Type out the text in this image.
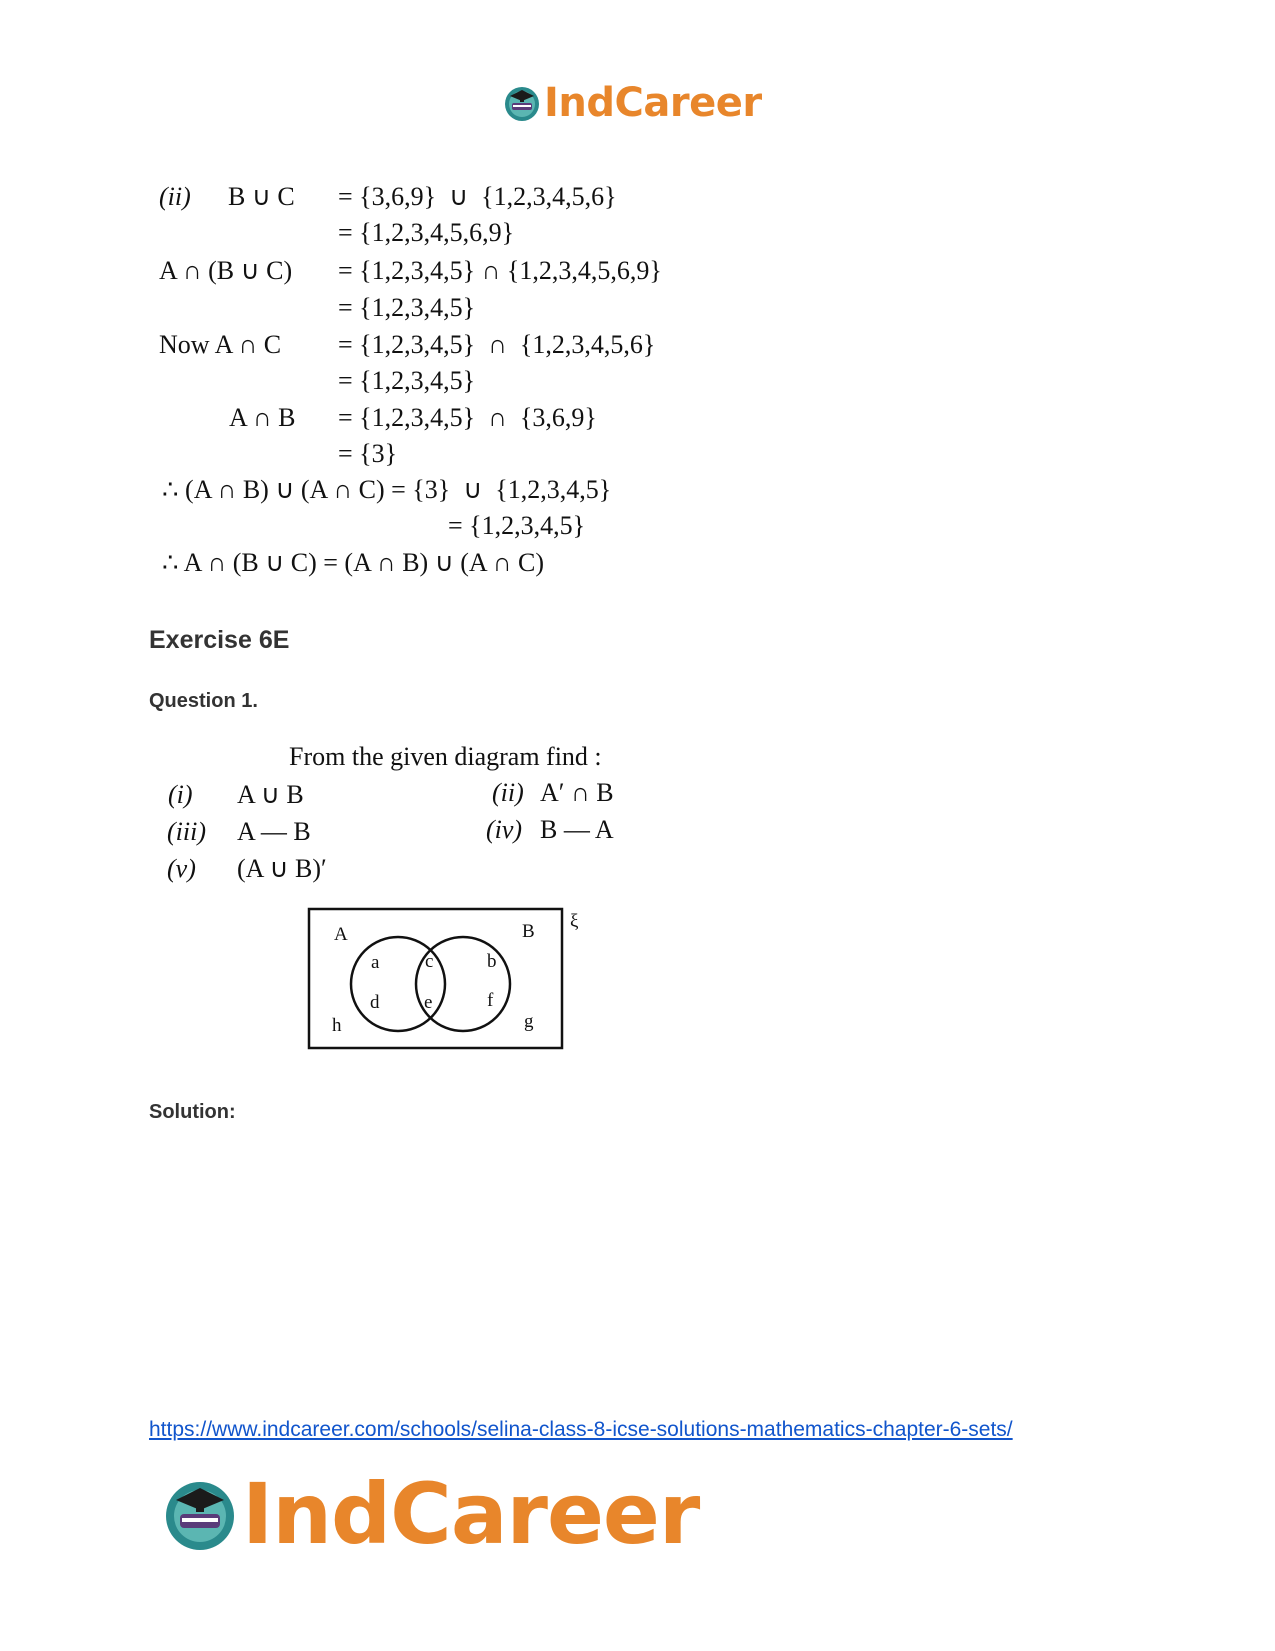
IndCareer
(ii) B ∪ C = {3,6,9}  ∪  {1,2,3,4,5,6}
= {1,2,3,4,5,6,9}
A ∩ (B ∪ C) = {1,2,3,4,5} ∩ {1,2,3,4,5,6,9}
= {1,2,3,4,5}
Now A ∩ C = {1,2,3,4,5}  ∩  {1,2,3,4,5,6}
= {1,2,3,4,5}
A ∩ B = {1,2,3,4,5}  ∩  {3,6,9}
= {3}
∴ (A ∩ B) ∪ (A ∩ C) = {3}  ∪  {1,2,3,4,5}
= {1,2,3,4,5}
∴ A ∩ (B ∪ C) = (A ∩ B) ∪ (A ∩ C)
Exercise 6E
Question 1.
From the given diagram find :
(i) A ∪ B	(ii) A′ ∩ B
(iii) A — B	(iv) B — A
(v) (A ∪ B)′
ξ
A	B
a c	b
d e	f
h	g
Solution:
https://www.indcareer.com/schools/selina-class-8-icse-solutions-mathematics-chapter-6-sets/
IndCareer
